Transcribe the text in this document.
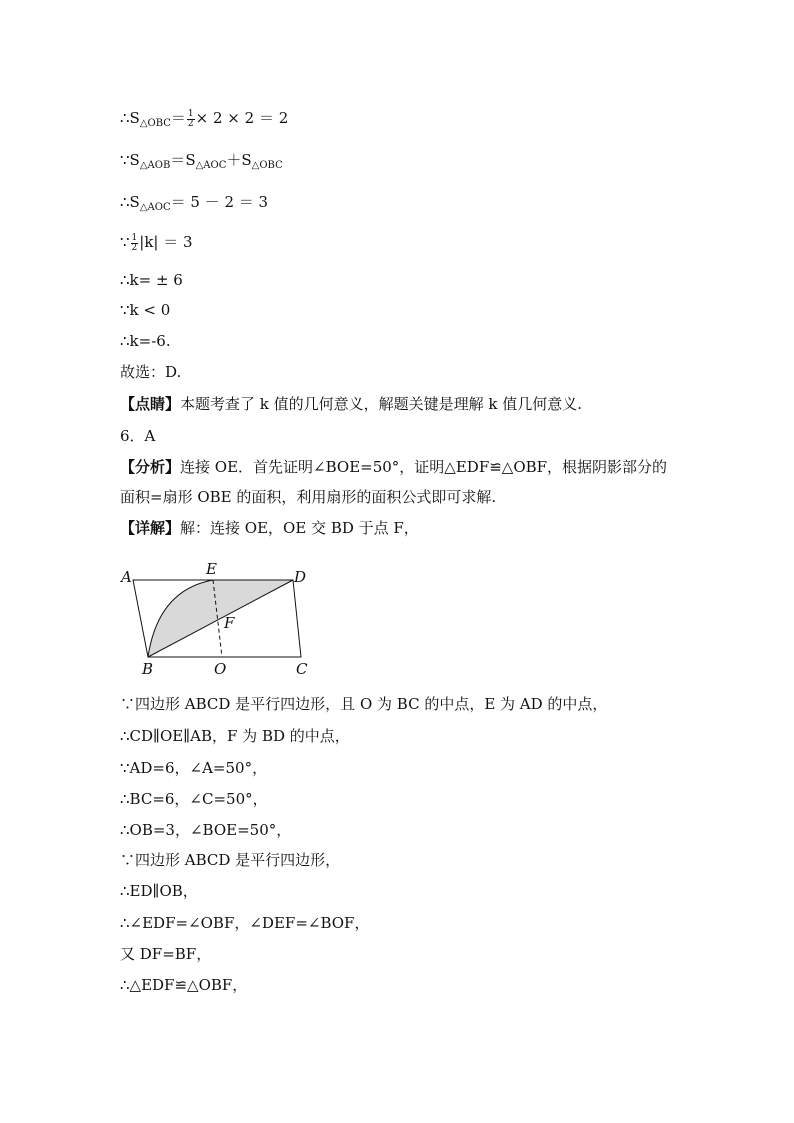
$\therefore S_{\triangle OBC}= \frac{1}{2} \times 2 \times 2 = 2$
$\because S_{\triangle AOB}=S_{\triangle AOC}+S_{\triangle OBC}$
$\therefore S_{\triangle AOC}= 5 - 2 = 3$
∵ $\frac{1}{2} |k| = 3$
∴k= ± 6
∵k < 0
∴k=-6.
故选：D.
【点睛】本题考查了 k 值的几何意义，解题关键是理解 k 值几何意义.
6．A
【分析】连接 OE．首先证明∠BOE=50°，证明△EDF≌△OBF，根据阴影部分的
面积=扇形 OBE 的面积，利用扇形的面积公式即可求解.
【详解】解：连接 OE，OE 交 BD 于点 F，
A	E	D
F
B	O	C
∵四边形 ABCD 是平行四边形，且 O 为 BC 的中点，E 为 AD 的中点，
∴CD∥OE∥AB，F 为 BD 的中点，
∵AD=6，∠A=50°，
∴BC=6，∠C=50°，
∴OB=3，∠BOE=50°，
∵四边形 ABCD 是平行四边形，
∴ED∥OB，
∴∠EDF=∠OBF，∠DEF=∠BOF，
又 DF=BF，
∴△EDF≌△OBF，
